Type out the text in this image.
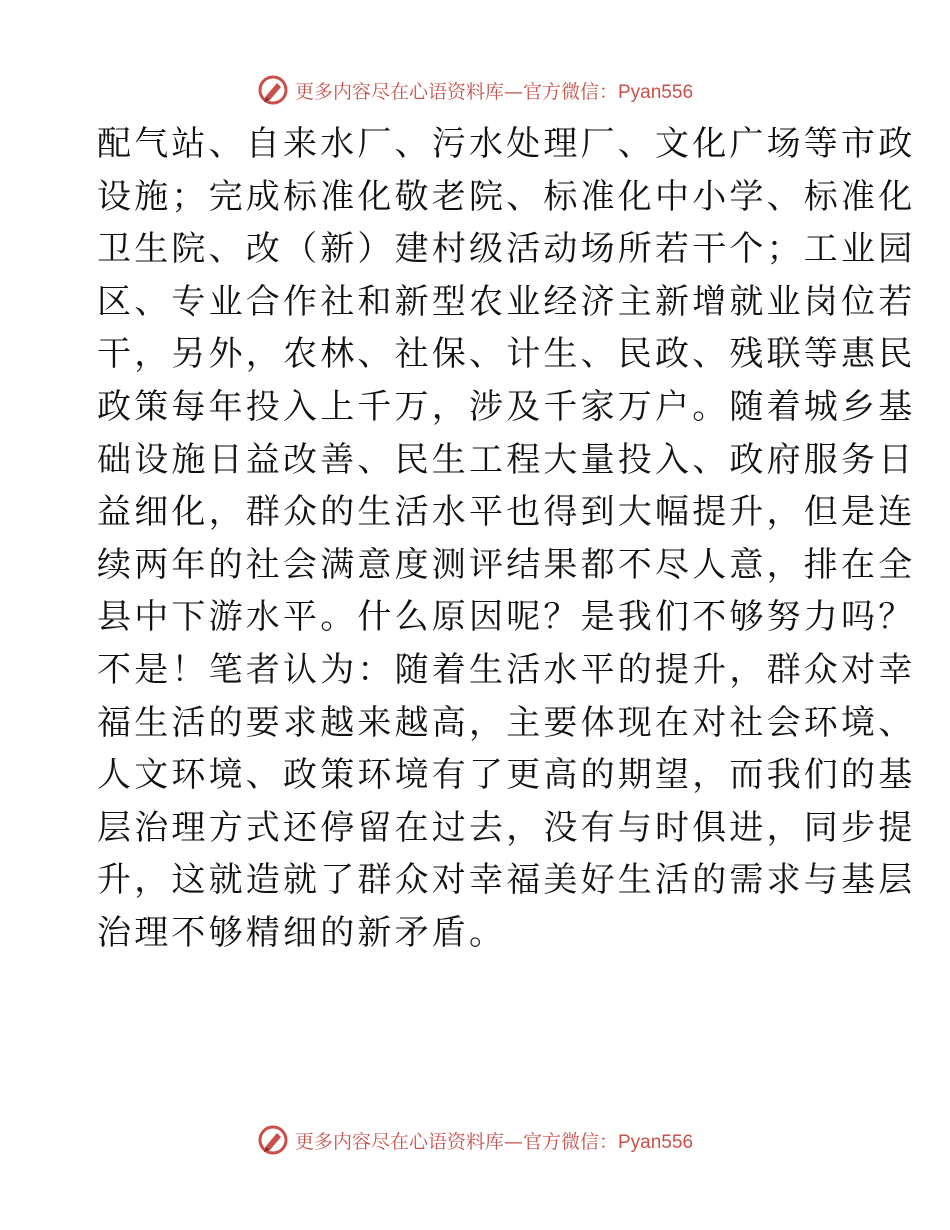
更多内容尽在心语资料库—官方微信：Pyan556
配气站、自来水厂、污水处理厂、文化广场等市政
设施；完成标准化敬老院、标准化中小学、标准化
卫生院、改（新）建村级活动场所若干个；工业园
区、专业合作社和新型农业经济主新增就业岗位若
干，另外，农林、社保、计生、民政、残联等惠民
政策每年投入上千万，涉及千家万户。随着城乡基
础设施日益改善、民生工程大量投入、政府服务日
益细化，群众的生活水平也得到大幅提升，但是连
续两年的社会满意度测评结果都不尽人意，排在全
县中下游水平。什么原因呢？是我们不够努力吗？
不是！笔者认为：随着生活水平的提升，群众对幸
福生活的要求越来越高，主要体现在对社会环境、
人文环境、政策环境有了更高的期望，而我们的基
层治理方式还停留在过去，没有与时俱进，同步提
升，这就造就了群众对幸福美好生活的需求与基层
治理不够精细的新矛盾。
更多内容尽在心语资料库—官方微信：Pyan556
